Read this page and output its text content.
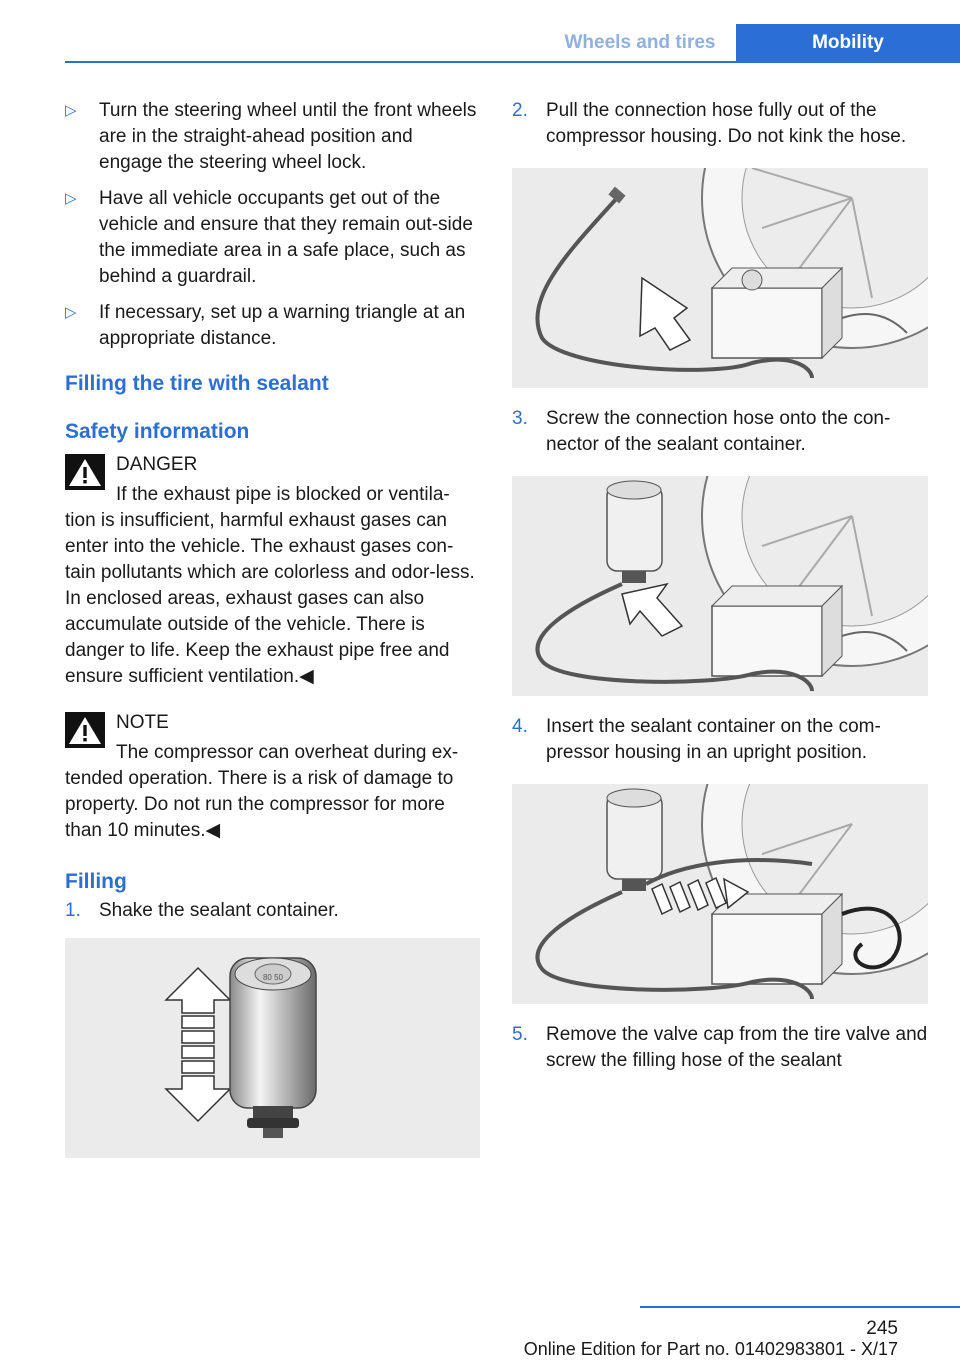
Wheels and tires	Mobility
▷ Turn the steering wheel until the front wheels are in the straight-ahead position and engage the steering wheel lock.
▷ Have all vehicle occupants get out of the vehicle and ensure that they remain out-side the immediate area in a safe place, such as behind a guardrail.
▷ If necessary, set up a warning triangle at an appropriate distance.
Filling the tire with sealant
Safety information
DANGER

If the exhaust pipe is blocked or ventila-tion is insufficient, harmful exhaust gases can enter into the vehicle. The exhaust gases con-tain pollutants which are colorless and odor-less. In enclosed areas, exhaust gases can also accumulate outside of the vehicle. There is danger to life. Keep the exhaust pipe free and ensure sufficient ventilation.◀

NOTE

The compressor can overheat during ex-tended operation. There is a risk of damage to property. Do not run the compressor for more than 10 minutes.◀

Filling
1. Shake the sealant container.
80 50
2. Pull the connection hose fully out of the compressor housing. Do not kink the hose.
3. Screw the connection hose onto the con-nector of the sealant container.
4. Insert the sealant container on the com-pressor housing in an upright position.
5. Remove the valve cap from the tire valve and screw the filling hose of the sealant
245
Online Edition for Part no. 01402983801 - X/17
